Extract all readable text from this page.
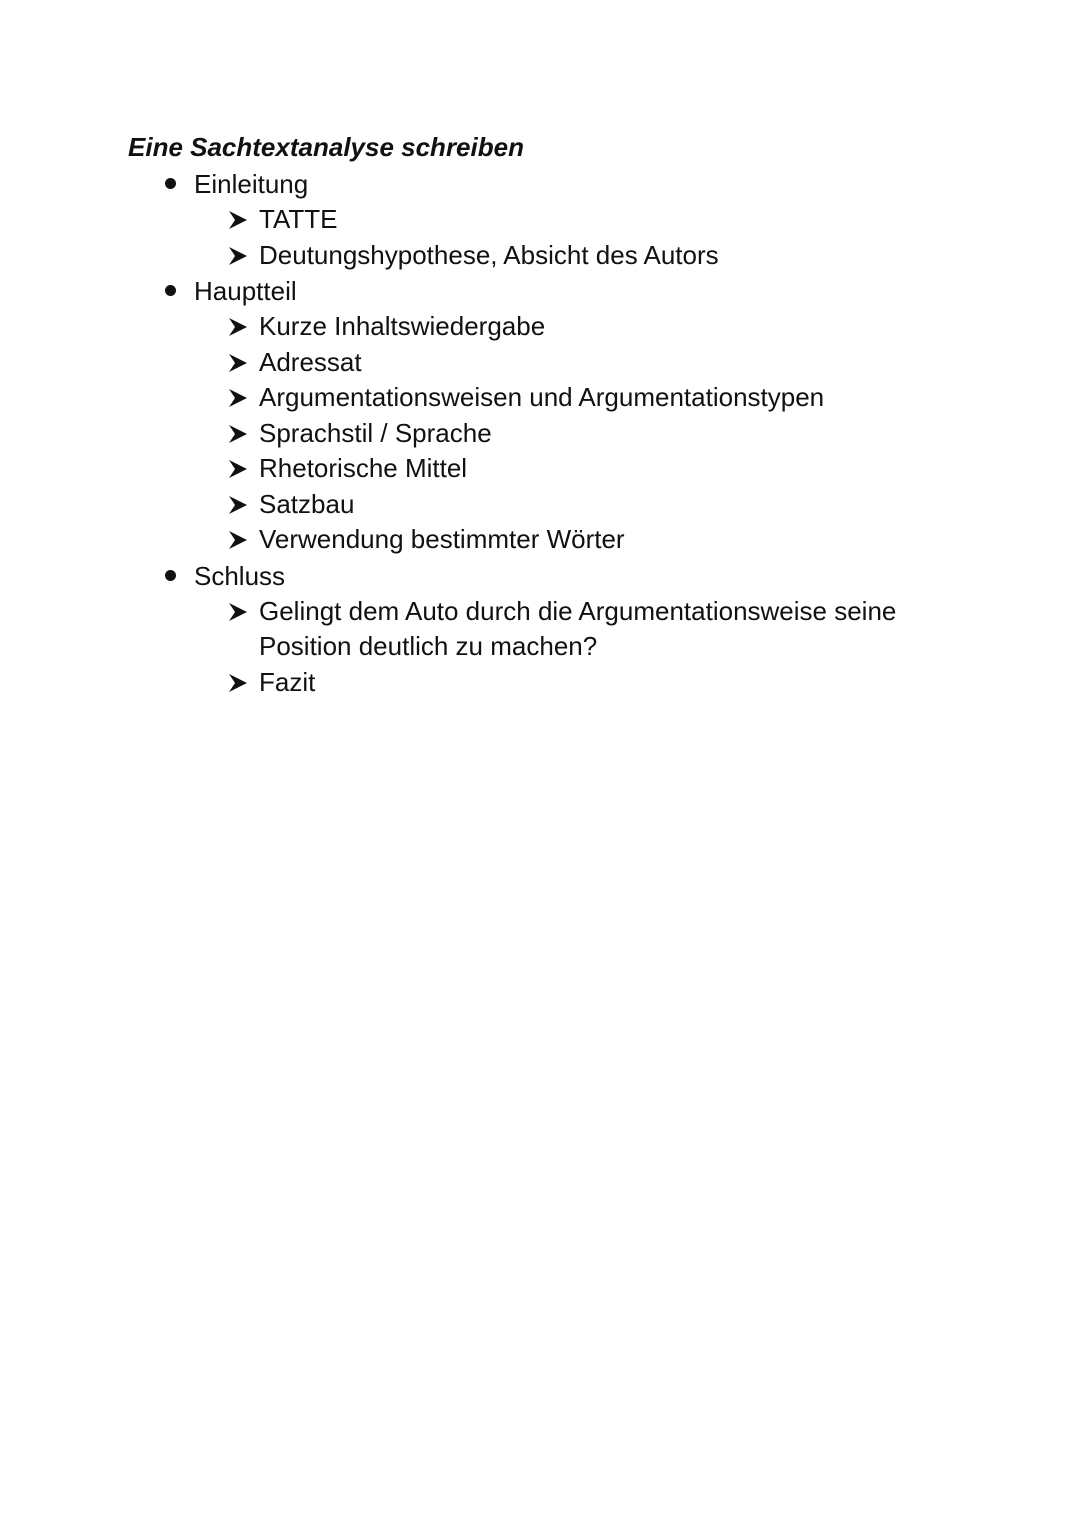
Eine Sachtextanalyse schreiben
Einleitung
TATTE
Deutungshypothese, Absicht des Autors
Hauptteil
Kurze Inhaltswiedergabe
Adressat
Argumentationsweisen und Argumentationstypen
Sprachstil / Sprache
Rhetorische Mittel
Satzbau
Verwendung bestimmter Wörter
Schluss
Gelingt dem Auto durch die Argumentationsweise seine Position deutlich zu machen?
Fazit
